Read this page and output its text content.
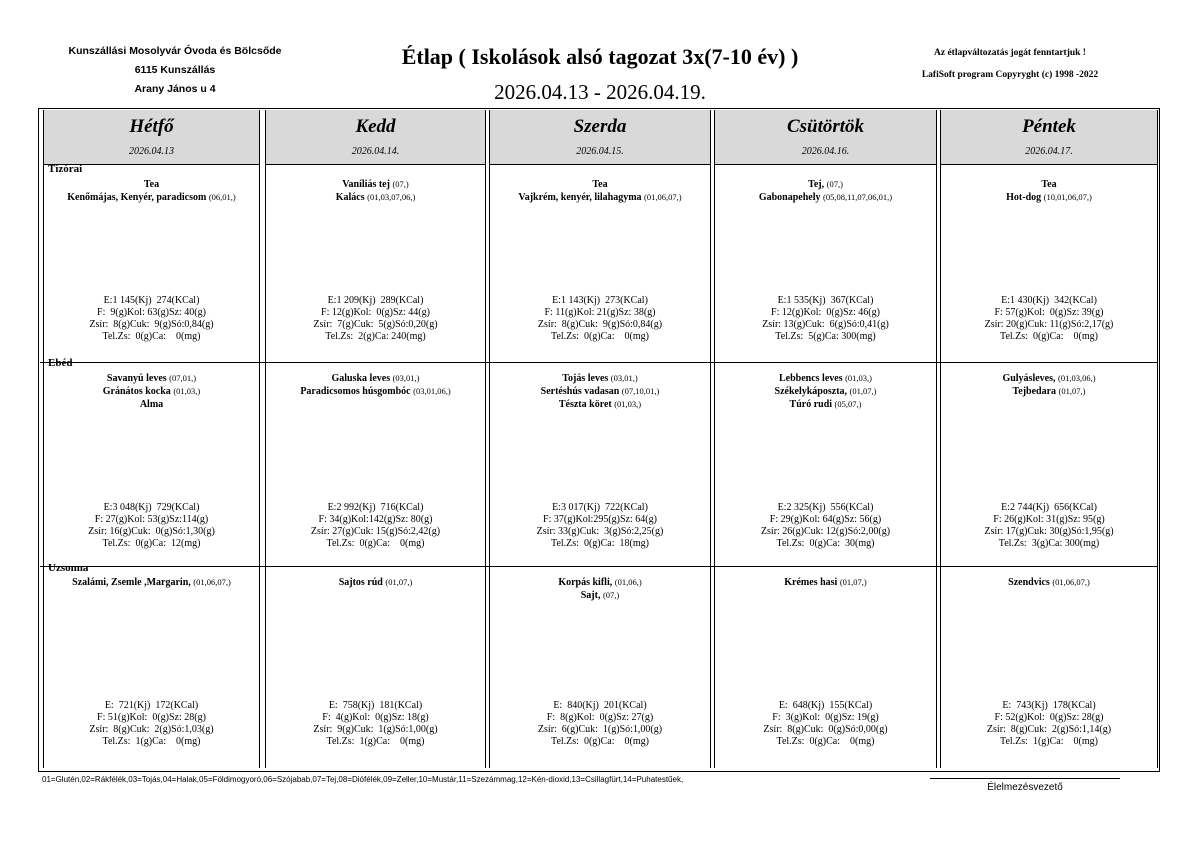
Kunszállási Mosolyvár Óvoda és Bölcsőde
6115 Kunszállás
Arany János u 4
Étlap ( Iskolások alsó tagozat 3x(7-10 év) )
2026.04.13 - 2026.04.19.
Az étlapváltozatás jogát fenntartjuk !
LafiSoft program Copyryght (c) 1998 -2022
Hétfő
2026.04.13
Tea
Kenőmájas, Kenyér, paradicsom (06,01,)
E:1 145(Kj)  274(KCal)
F:  9(g)Kol: 63(g)Sz: 40(g)
Zsír:  8(g)Cuk:  9(g)Só:0,84(g)
Tel.Zs:  0(g)Ca:    0(mg)
Savanyú leves (07,01,)
Gránátos kocka (01,03,)
Alma
E:3 048(Kj)  729(KCal)
F: 27(g)Kol: 53(g)Sz:114(g)
Zsír: 16(g)Cuk:  0(g)Só:1,30(g)
Tel.Zs:  0(g)Ca:  12(mg)
Szalámi, Zsemle ,Margarin, (01,06,07,)
E:  721(Kj)  172(KCal)
F: 51(g)Kol:  0(g)Sz: 28(g)
Zsír:  8(g)Cuk:  2(g)Só:1,03(g)
Tel.Zs:  1(g)Ca:    0(mg)
Kedd
2026.04.14.
Vaníliás tej (07,)
Kalács (01,03,07,06,)
E:1 209(Kj)  289(KCal)
F: 12(g)Kol:  0(g)Sz: 44(g)
Zsír:  7(g)Cuk:  5(g)Só:0,20(g)
Tel.Zs:  2(g)Ca: 240(mg)
Galuska leves (03,01,)
Paradicsomos húsgombóc (03,01,06,)
E:2 992(Kj)  716(KCal)
F: 34(g)Kol:142(g)Sz: 80(g)
Zsír: 27(g)Cuk: 15(g)Só:2,42(g)
Tel.Zs:  0(g)Ca:    0(mg)
Sajtos rúd (01,07,)
E:  758(Kj)  181(KCal)
F:  4(g)Kol:  0(g)Sz: 18(g)
Zsír:  9(g)Cuk:  1(g)Só:1,00(g)
Tel.Zs:  1(g)Ca:    0(mg)
Szerda
2026.04.15.
Tea
Vajkrém, kenyér, lilahagyma (01,06,07,)
E:1 143(Kj)  273(KCal)
F: 11(g)Kol: 21(g)Sz: 38(g)
Zsír:  8(g)Cuk:  9(g)Só:0,84(g)
Tel.Zs:  0(g)Ca:    0(mg)
Tojás leves (03,01,)
Sertéshús vadasan (07,10,01,)
Tészta köret (01,03,)
E:3 017(Kj)  722(KCal)
F: 37(g)Kol:295(g)Sz: 64(g)
Zsír: 33(g)Cuk:  3(g)Só:2,25(g)
Tel.Zs:  0(g)Ca:  18(mg)
Korpás kifli, (01,06,)
Sajt, (07,)
E:  840(Kj)  201(KCal)
F:  8(g)Kol:  0(g)Sz: 27(g)
Zsír:  6(g)Cuk:  1(g)Só:1,00(g)
Tel.Zs:  0(g)Ca:    0(mg)
Csütörtök
2026.04.16.
Tej, (07,)
Gabonapehely (05,08,11,07,06,01,)
E:1 535(Kj)  367(KCal)
F: 12(g)Kol:  0(g)Sz: 46(g)
Zsír: 13(g)Cuk:  6(g)Só:0,41(g)
Tel.Zs:  5(g)Ca: 300(mg)
Lebbencs leves (01,03,)
Székelykáposzta, (01,07,)
Túró rudi (05,07,)
E:2 325(Kj)  556(KCal)
F: 29(g)Kol: 64(g)Sz: 56(g)
Zsír: 26(g)Cuk: 12(g)Só:2,00(g)
Tel.Zs:  0(g)Ca:  30(mg)
Krémes hasi (01,07,)
E:  648(Kj)  155(KCal)
F:  3(g)Kol:  0(g)Sz: 19(g)
Zsír:  8(g)Cuk:  0(g)Só:0,00(g)
Tel.Zs:  0(g)Ca:    0(mg)
Péntek
2026.04.17.
Tea
Hot-dog (10,01,06,07,)
E:1 430(Kj)  342(KCal)
F: 57(g)Kol:  0(g)Sz: 39(g)
Zsír: 20(g)Cuk: 11(g)Só:2,17(g)
Tel.Zs:  0(g)Ca:    0(mg)
Gulyásleves, (01,03,06,)
Tejbedara (01,07,)
E:2 744(Kj)  656(KCal)
F: 26(g)Kol: 31(g)Sz: 95(g)
Zsír: 17(g)Cuk: 30(g)Só:1,95(g)
Tel.Zs:  3(g)Ca: 300(mg)
Szendvics (01,06,07,)
E:  743(Kj)  178(KCal)
F: 52(g)Kol:  0(g)Sz: 28(g)
Zsír:  8(g)Cuk:  2(g)Só:1,14(g)
Tel.Zs:  1(g)Ca:    0(mg)
Tízórai
Ebéd
Uzsonna
01=Glutén,02=Rákfélék,03=Tojás,04=Halak,05=Földimogyoró,06=Szójabab,07=Tej,08=Diófélék,09=Zeller,10=Mustár,11=Szezámmag,12=Kén-dioxid,13=Csillagfürt,14=Puhatestűek,
Élelmezésvezető
